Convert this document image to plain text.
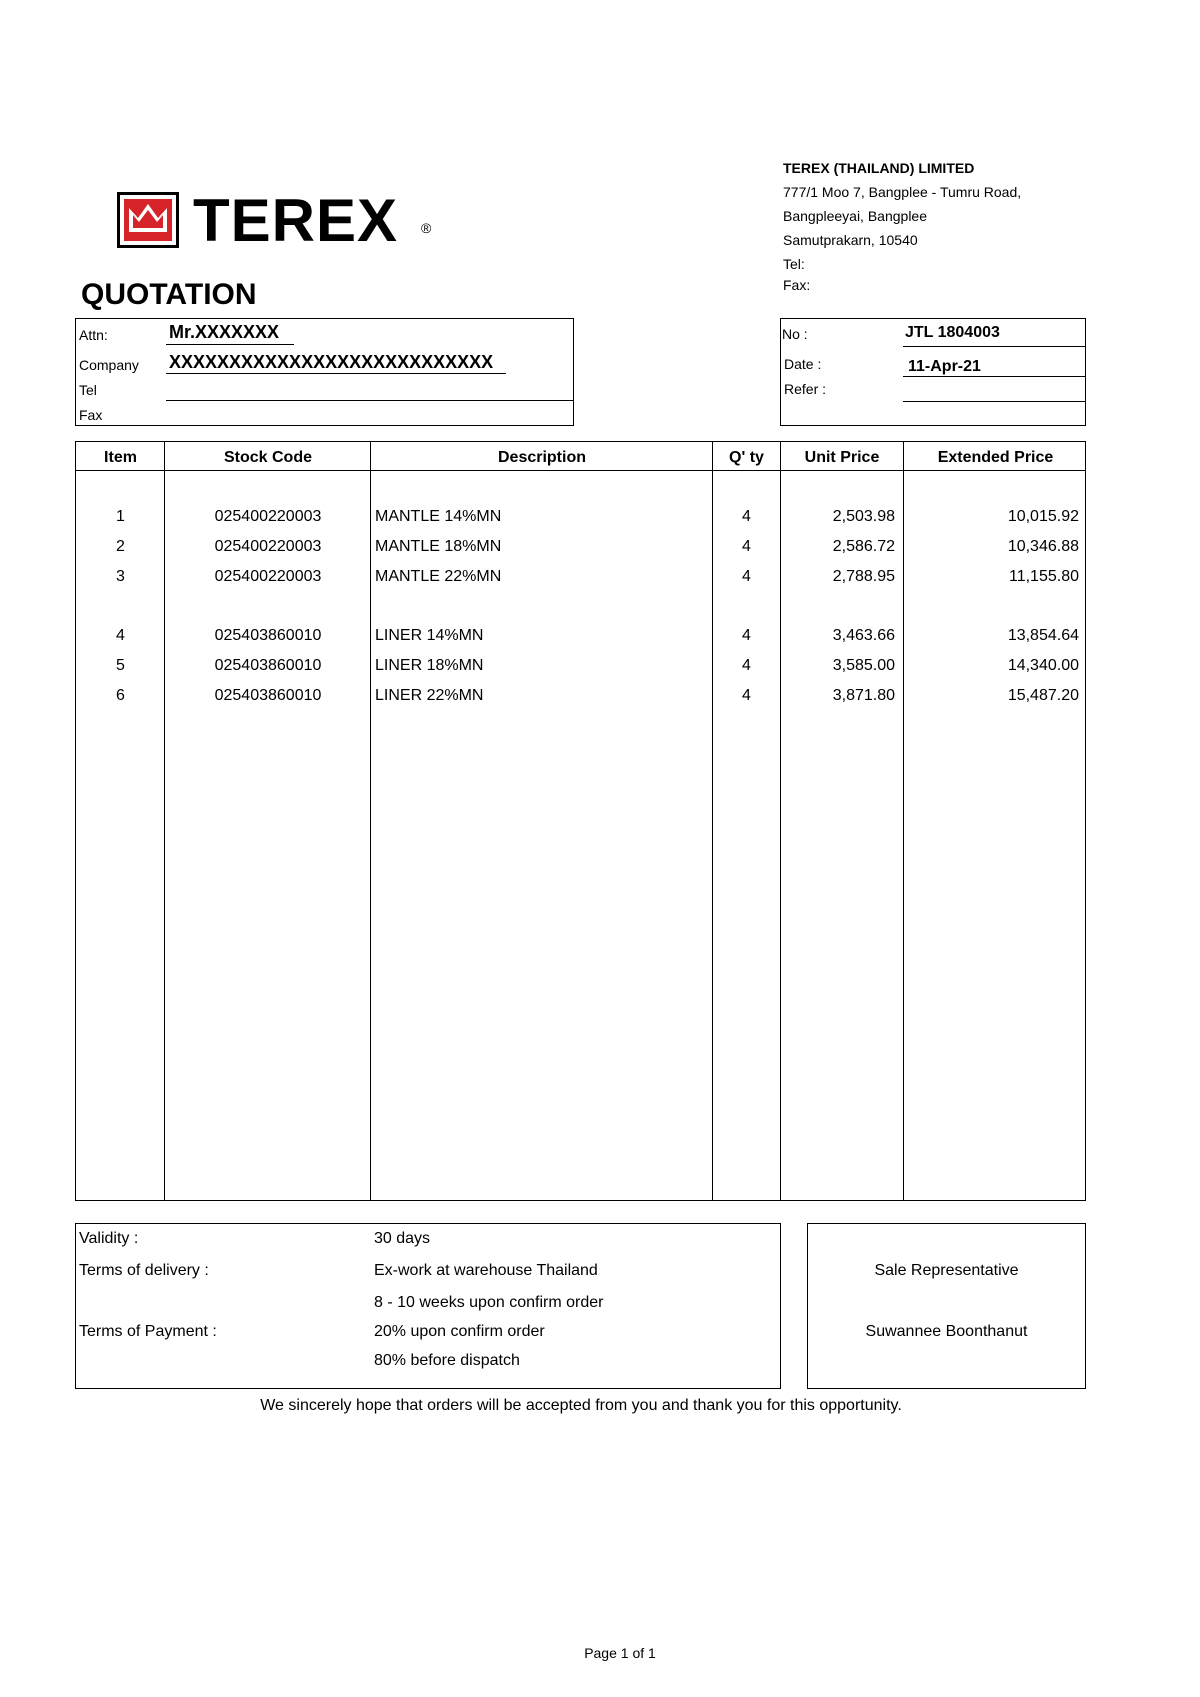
TEREX ®
QUOTATION
TEREX (THAILAND) LIMITED
777/1 Moo 7, Bangplee - Tumru Road,
Bangpleeyai, Bangplee
Samutprakarn, 10540
Tel:
Fax:
Attn:	Mr.XXXXXXX
Company XXXXXXXXXXXXXXXXXXXXXXXXXXX
Tel
Fax
No :	JTL 1804003
Date :	11-Apr-21
Refer :
Item	Stock Code	Description	Q' ty	Unit Price	Extended Price
1	025400220003	MANTLE 14%MN	4	2,503.98	10,015.92
2	025400220003	MANTLE 18%MN	4	2,586.72	10,346.88
3	025400220003	MANTLE 22%MN	4	2,788.95	11,155.80
4	025403860010	LINER 14%MN	4	3,463.66	13,854.64
5	025403860010	LINER 18%MN	4	3,585.00	14,340.00
6	025403860010	LINER 22%MN	4	3,871.80	15,487.20
Validity :	30 days
Terms of delivery :	Ex-work at warehouse Thailand
8 - 10 weeks upon confirm order
Terms of Payment :	20% upon confirm order
80% before dispatch
Sale Representative
Suwannee Boonthanut
We sincerely hope that orders will be accepted from you and thank you for this opportunity.
Page 1 of 1
